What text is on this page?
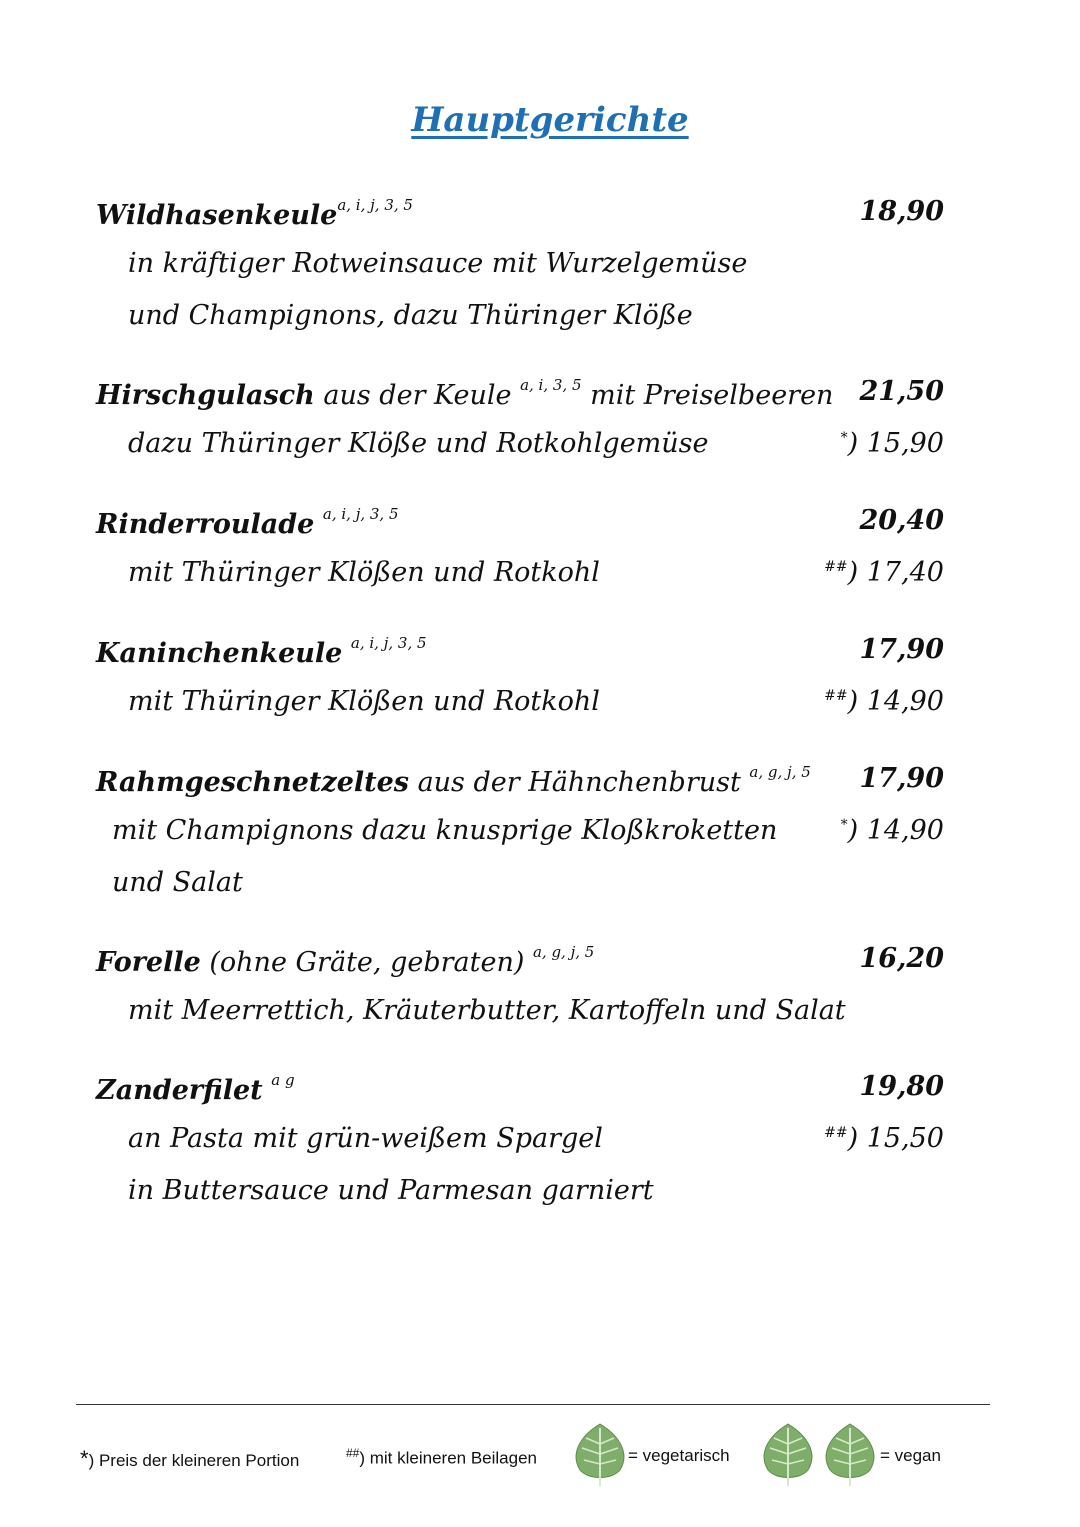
Hauptgerichte
Wildhasenkeule$^{a, i, j, 3, 5}$	18,90
in kräftiger Rotweinsauce mit Wurzelgemüse
und Champignons, dazu Thüringer Klöße
Hirschgulasch aus der Keule $^{a, i, 3, 5}$ mit Preiselbeeren 21,50
dazu Thüringer Klöße und Rotkohlgemüse	*) 15,90
Rinderroulade $^{a, i, j, 3, 5}$	20,40
mit Thüringer Klößen und Rotkohl	##) 17,40
Kaninchenkeule $^{a, i, j, 3, 5}$	17,90
mit Thüringer Klößen und Rotkohl	##) 14,90
Rahmgeschnetzeltes aus der Hähnchenbrust $^{a, g, j, 5}$ 17,90
mit Champignons dazu knusprige Kloßkroketten	*) 14,90
und Salat
Forelle (ohne Gräte, gebraten) $^{a, g, j, 5}$	16,20
mit Meerrettich, Kräuterbutter, Kartoffeln und Salat
Zanderfilet $^{a g}$	19,80
an Pasta mit grün-weißem Spargel	##) 15,50
in Buttersauce und Parmesan garniert
*) Preis der kleineren Portion	##) mit kleineren Beilagen	= vegetarisch	= vegan
